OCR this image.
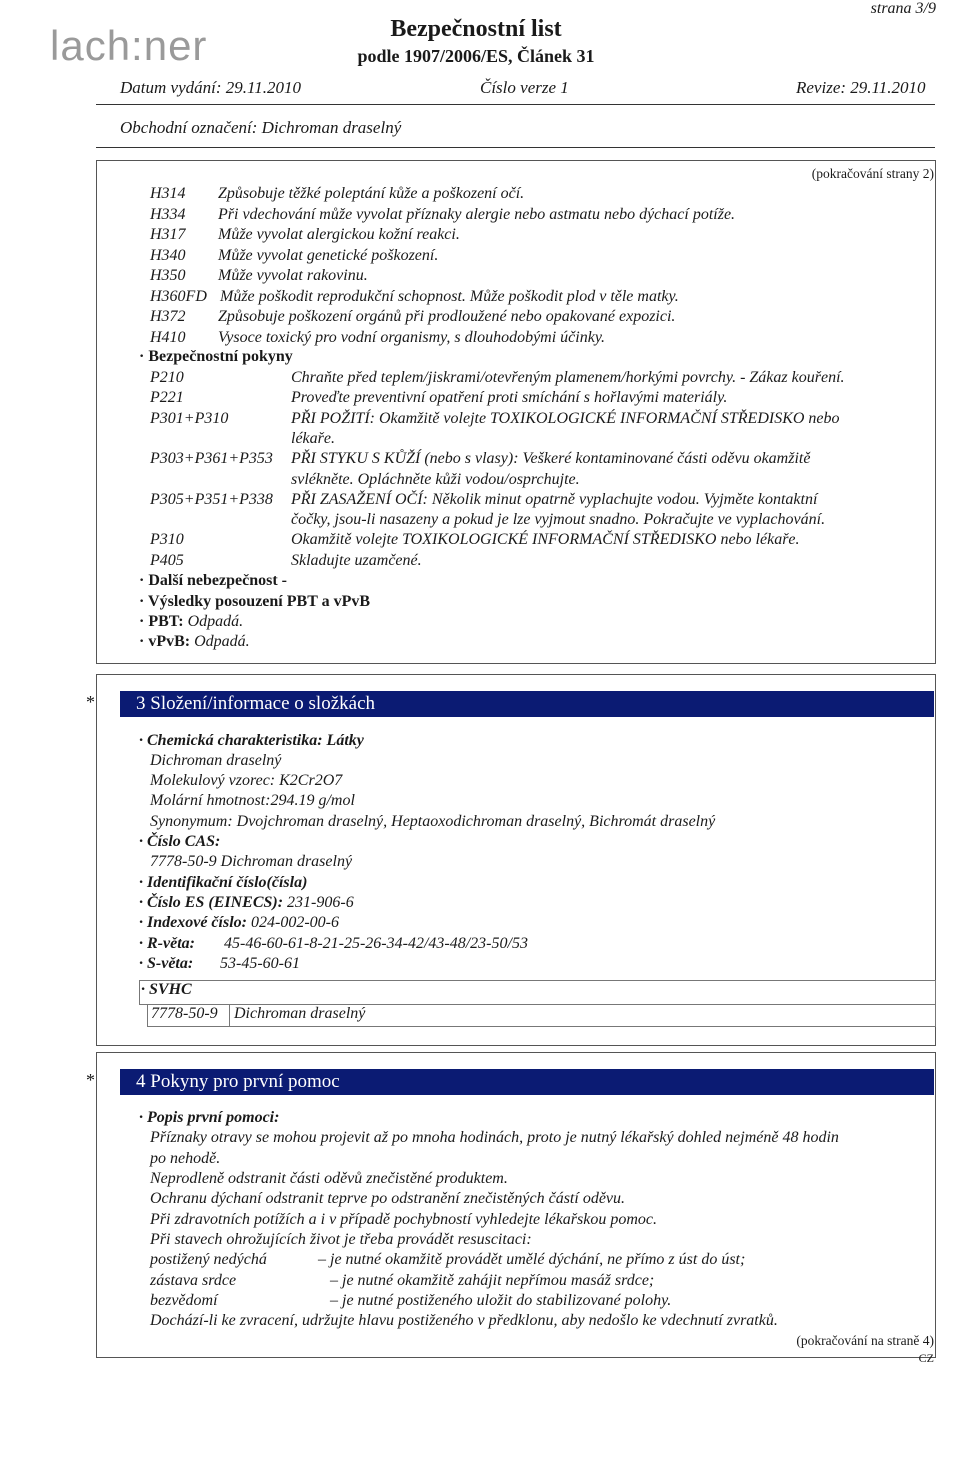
lach:ner	Bezpečnostní list
podle 1907/2006/ES, Článek 31
strana 3/9
Datum vydání: 29.11.2010	Číslo verze 1	Revize: 29.11.2010
Obchodní označení: Dichroman draselný
(pokračování strany 2)
H314 Způsobuje těžké poleptání kůže a poškození očí.
H334 Při vdechování může vyvolat příznaky alergie nebo astmatu nebo dýchací potíže.
H317 Může vyvolat alergickou kožní reakci.
H340 Může vyvolat genetické poškození.
H350 Může vyvolat rakovinu.
H360FD Může poškodit reprodukční schopnost. Může poškodit plod v těle matky.
H372 Způsobuje poškození orgánů při prodloužené nebo opakované expozici.
H410 Vysoce toxický pro vodní organismy, s dlouhodobými účinky.
· Bezpečnostní pokyny
P210	Chraňte před teplem/jiskrami/otevřeným plamenem/horkými povrchy. - Zákaz kouření.
P221	Proveďte preventivní opatření proti smíchání s hořlavými materiály.
P301+P310	PŘI POŽITÍ: Okamžitě volejte TOXIKOLOGICKÉ INFORMAČNÍ STŘEDISKO nebo
lékaře.
P303+P361+P353 PŘI STYKU S KŮŽÍ (nebo s vlasy): Veškeré kontaminované části oděvu okamžitě
svlékněte. Opláchněte kůži vodou/osprchujte.
P305+P351+P338 PŘI ZASAŽENÍ OČÍ: Několik minut opatrně vyplachujte vodou. Vyjměte kontaktní
čočky, jsou-li nasazeny a pokud je lze vyjmout snadno. Pokračujte ve vyplachování.
P310	Okamžitě volejte TOXIKOLOGICKÉ INFORMAČNÍ STŘEDISKO nebo lékaře.
P405	Skladujte uzamčené.
· Další nebezpečnost -
· Výsledky posouzení PBT a vPvB
· PBT: Odpadá.
· vPvB: Odpadá.
*	3 Složení/informace o složkách
· Chemická charakteristika: Látky
Dichroman draselný
Molekulový vzorec: K2Cr2O7
Molární hmotnost:294.19 g/mol
Synonymum: Dvojchroman draselný, Heptaoxodichroman draselný, Bichromát draselný
· Číslo CAS:
7778-50-9 Dichroman draselný
· Identifikační číslo(čísla)
· Číslo ES (EINECS): 231-906-6
· Indexové číslo: 024-002-00-6
· R-věta: 45-46-60-61-8-21-25-26-34-42/43-48/23-50/53
· S-věta: 53-45-60-61
· SVHC
7778-50-9 Dichroman draselný
*	4 Pokyny pro první pomoc
· Popis první pomoci:
Příznaky otravy se mohou projevit až po mnoha hodinách, proto je nutný lékařský dohled nejméně 48 hodin
po nehodě.
Neprodleně odstranit části oděvů znečistěné produktem.
Ochranu dýchaní odstranit teprve po odstranění znečistěných částí oděvu.
Při zdravotních potížích a i v případě pochybností vyhledejte lékařskou pomoc.
Při stavech ohrožujících život je třeba provádět resuscitaci:
postižený nedýchá	– je nutné okamžitě provádět umělé dýchání, ne přímo z úst do úst;
zástava srdce	– je nutné okamžitě zahájit nepřímou masáž srdce;
bezvědomí	– je nutné postiženého uložit do stabilizované polohy.
Dochází-li ke zvracení, udržujte hlavu postiženého v předklonu, aby nedošlo ke vdechnutí zvratků.
(pokračování na straně 4)
CZ
